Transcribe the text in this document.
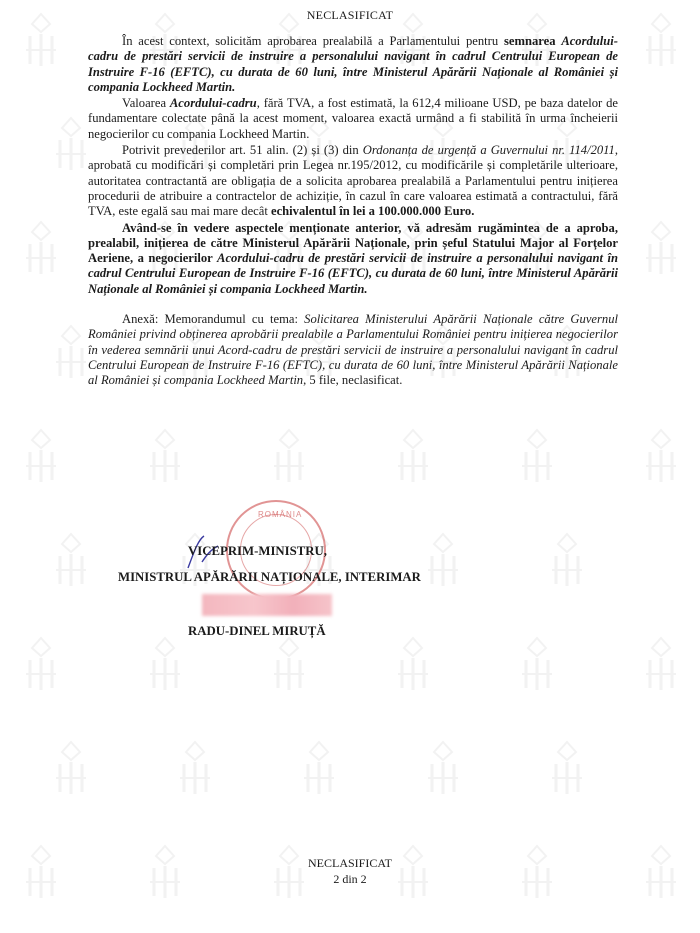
NECLASIFICAT

În acest context, solicităm aprobarea prealabilă a Parlamentului pentru semnarea Acordului-cadru de prestări servicii de instruire a personalului navigant în cadrul Centrului European de Instruire F-16 (EFTC), cu durata de 60 luni, între Ministerul Apărării Naționale al României și compania Lockheed Martin.

Valoarea Acordului-cadru, fără TVA, a fost estimată, la 612,4 milioane USD, pe baza datelor de fundamentare colectate până la acest moment, valoarea exactă urmând a fi stabilită în urma încheierii negocierilor cu compania Lockheed Martin.

Potrivit prevederilor art. 51 alin. (2) și (3) din Ordonanța de urgență a Guvernului nr. 114/2011, aprobată cu modificări și completări prin Legea nr.195/2012, cu modificările și completările ulterioare, autoritatea contractantă are obligația de a solicita aprobarea prealabilă a Parlamentului pentru inițierea procedurii de atribuire a contractelor de achiziție, în cazul în care valoarea estimată a contractului, fără TVA, este egală sau mai mare decât echivalentul în lei a 100.000.000 Euro.

Având-se în vedere aspectele menționate anterior, vă adresăm rugămintea de a aproba, prealabil, inițierea de către Ministerul Apărării Naționale, prin șeful Statului Major al Forțelor Aeriene, a negocierilor Acordului-cadru de prestări servicii de instruire a personalului navigant în cadrul Centrului European de Instruire F-16 (EFTC), cu durata de 60 luni, între Ministerul Apărării Naționale al României și compania Lockheed Martin.

Anexă: Memorandumul cu tema: Solicitarea Ministerului Apărării Naționale către Guvernul României privind obținerea aprobării prealabile a Parlamentului României pentru inițierea negocierilor în vederea semnării unui Acord-cadru de prestări servicii de instruire a personalului navigant în cadrul Centrului European de Instruire F-16 (EFTC), cu durata de 60 luni, între Ministerul Apărării Naționale al României și compania Lockheed Martin, 5 file, neclasificat.

ROMÂNIA
VICEPRIM-MINISTRU,
MINISTRUL APĂRĂRII NAȚIONALE, INTERIMAR
RADU-DINEL MIRUȚĂ
NECLASIFICAT
2 din 2
